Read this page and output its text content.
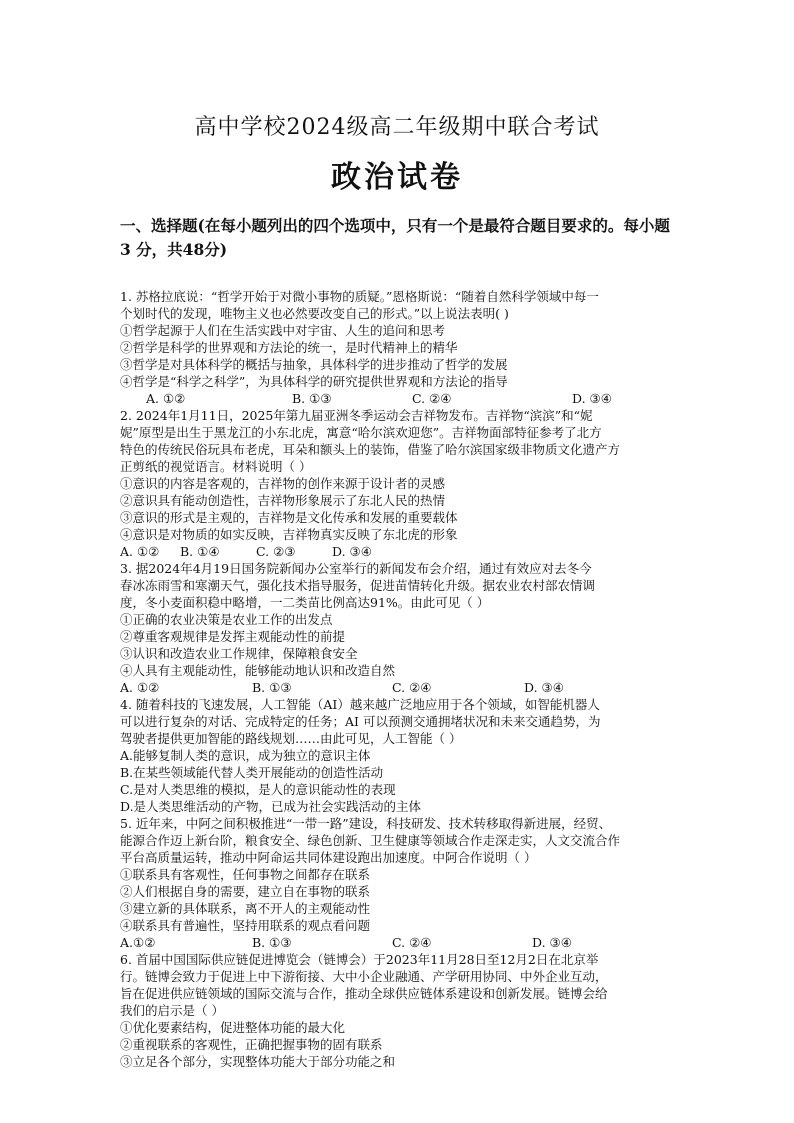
高中学校2024级高二年级期中联合考试
政治试卷
一、选择题(在每小题列出的四个选项中，只有一个是最符合题目要求的。每小题 3 分，共48分)
1. 苏格拉底说：“哲学开始于对微小事物的质疑。”恩格斯说：“随着自然科学领域中每一
个划时代的发现，唯物主义也必然要改变自己的形式。”以上说法表明( )
①哲学起源于人们在生活实践中对宇宙、人生的追问和思考
②哲学是科学的世界观和方法论的统一，是时代精神上的精华
③哲学是对具体科学的概括与抽象，具体科学的进步推动了哲学的发展
④哲学是“科学之科学”，为具体科学的研究提供世界观和方法论的指导
A. ①②	B. ①③	C. ②④	D. ③④
2. 2024年1月11日，2025年第九届亚洲冬季运动会吉祥物发布。吉祥物“滨滨”和“妮
妮”原型是出生于黑龙江的小东北虎，寓意“哈尔滨欢迎您”。吉祥物面部特征参考了北方
特色的传统民俗玩具布老虎，耳朵和额头上的装饰，借鉴了哈尔滨国家级非物质文化遗产方
正剪纸的视觉语言。材料说明（ ）
①意识的内容是客观的，吉祥物的创作来源于设计者的灵感
②意识具有能动创造性，吉祥物形象展示了东北人民的热情
③意识的形式是主观的，吉祥物是文化传承和发展的重要载体
④意识是对物质的如实反映，吉祥物真实反映了东北虎的形象
A. ①② B. ①④	C. ②③	D. ③④
3. 据2024年4月19日国务院新闻办公室举行的新闻发布会介绍，通过有效应对去冬今
春冰冻雨雪和寒潮天气，强化技术指导服务，促进苗情转化升级。据农业农村部农情调
度，冬小麦面积稳中略增，一二类苗比例高达91%。由此可见（ ）
①正确的农业决策是农业工作的出发点
②尊重客观规律是发挥主观能动性的前提
③认识和改造农业工作规律，保障粮食安全
④人具有主观能动性，能够能动地认识和改造自然
A. ①②	B. ①③	C. ②④	D. ③④
4. 随着科技的飞速发展，人工智能（AI）越来越广泛地应用于各个领域，如智能机器人
可以进行复杂的对话、完成特定的任务；AI 可以预测交通拥堵状况和未来交通趋势，为
驾驶者提供更加智能的路线规划……由此可见，人工智能（ ）
A.能够复制人类的意识，成为独立的意识主体
B.在某些领域能代替人类开展能动的创造性活动
C.是对人类思维的模拟，是人的意识能动性的表现
D.是人类思维活动的产物，已成为社会实践活动的主体
5. 近年来，中阿之间积极推进“一带一路”建设，科技研发、技术转移取得新进展，经贸、
能源合作迈上新台阶，粮食安全、绿色创新、卫生健康等领域合作走深走实，人文交流合作
平台高质量运转，推动中阿命运共同体建设跑出加速度。中阿合作说明（ ）
①联系具有客观性，任何事物之间都存在联系
②人们根据自身的需要，建立自在事物的联系
③建立新的具体联系，离不开人的主观能动性
④联系具有普遍性，坚持用联系的观点看问题
A.①②	B. ①③	C. ②④	D. ③④
6. 首届中国国际供应链促进博览会（链博会）于2023年11月28日至12月2日在北京举
行。链博会致力于促进上中下游衔接、大中小企业融通、产学研用协同、中外企业互动，
旨在促进供应链领域的国际交流与合作，推动全球供应链体系建设和创新发展。链博会给
我们的启示是（ ）
①优化要素结构，促进整体功能的最大化
②重视联系的客观性，正确把握事物的固有联系
③立足各个部分，实现整体功能大于部分功能之和
